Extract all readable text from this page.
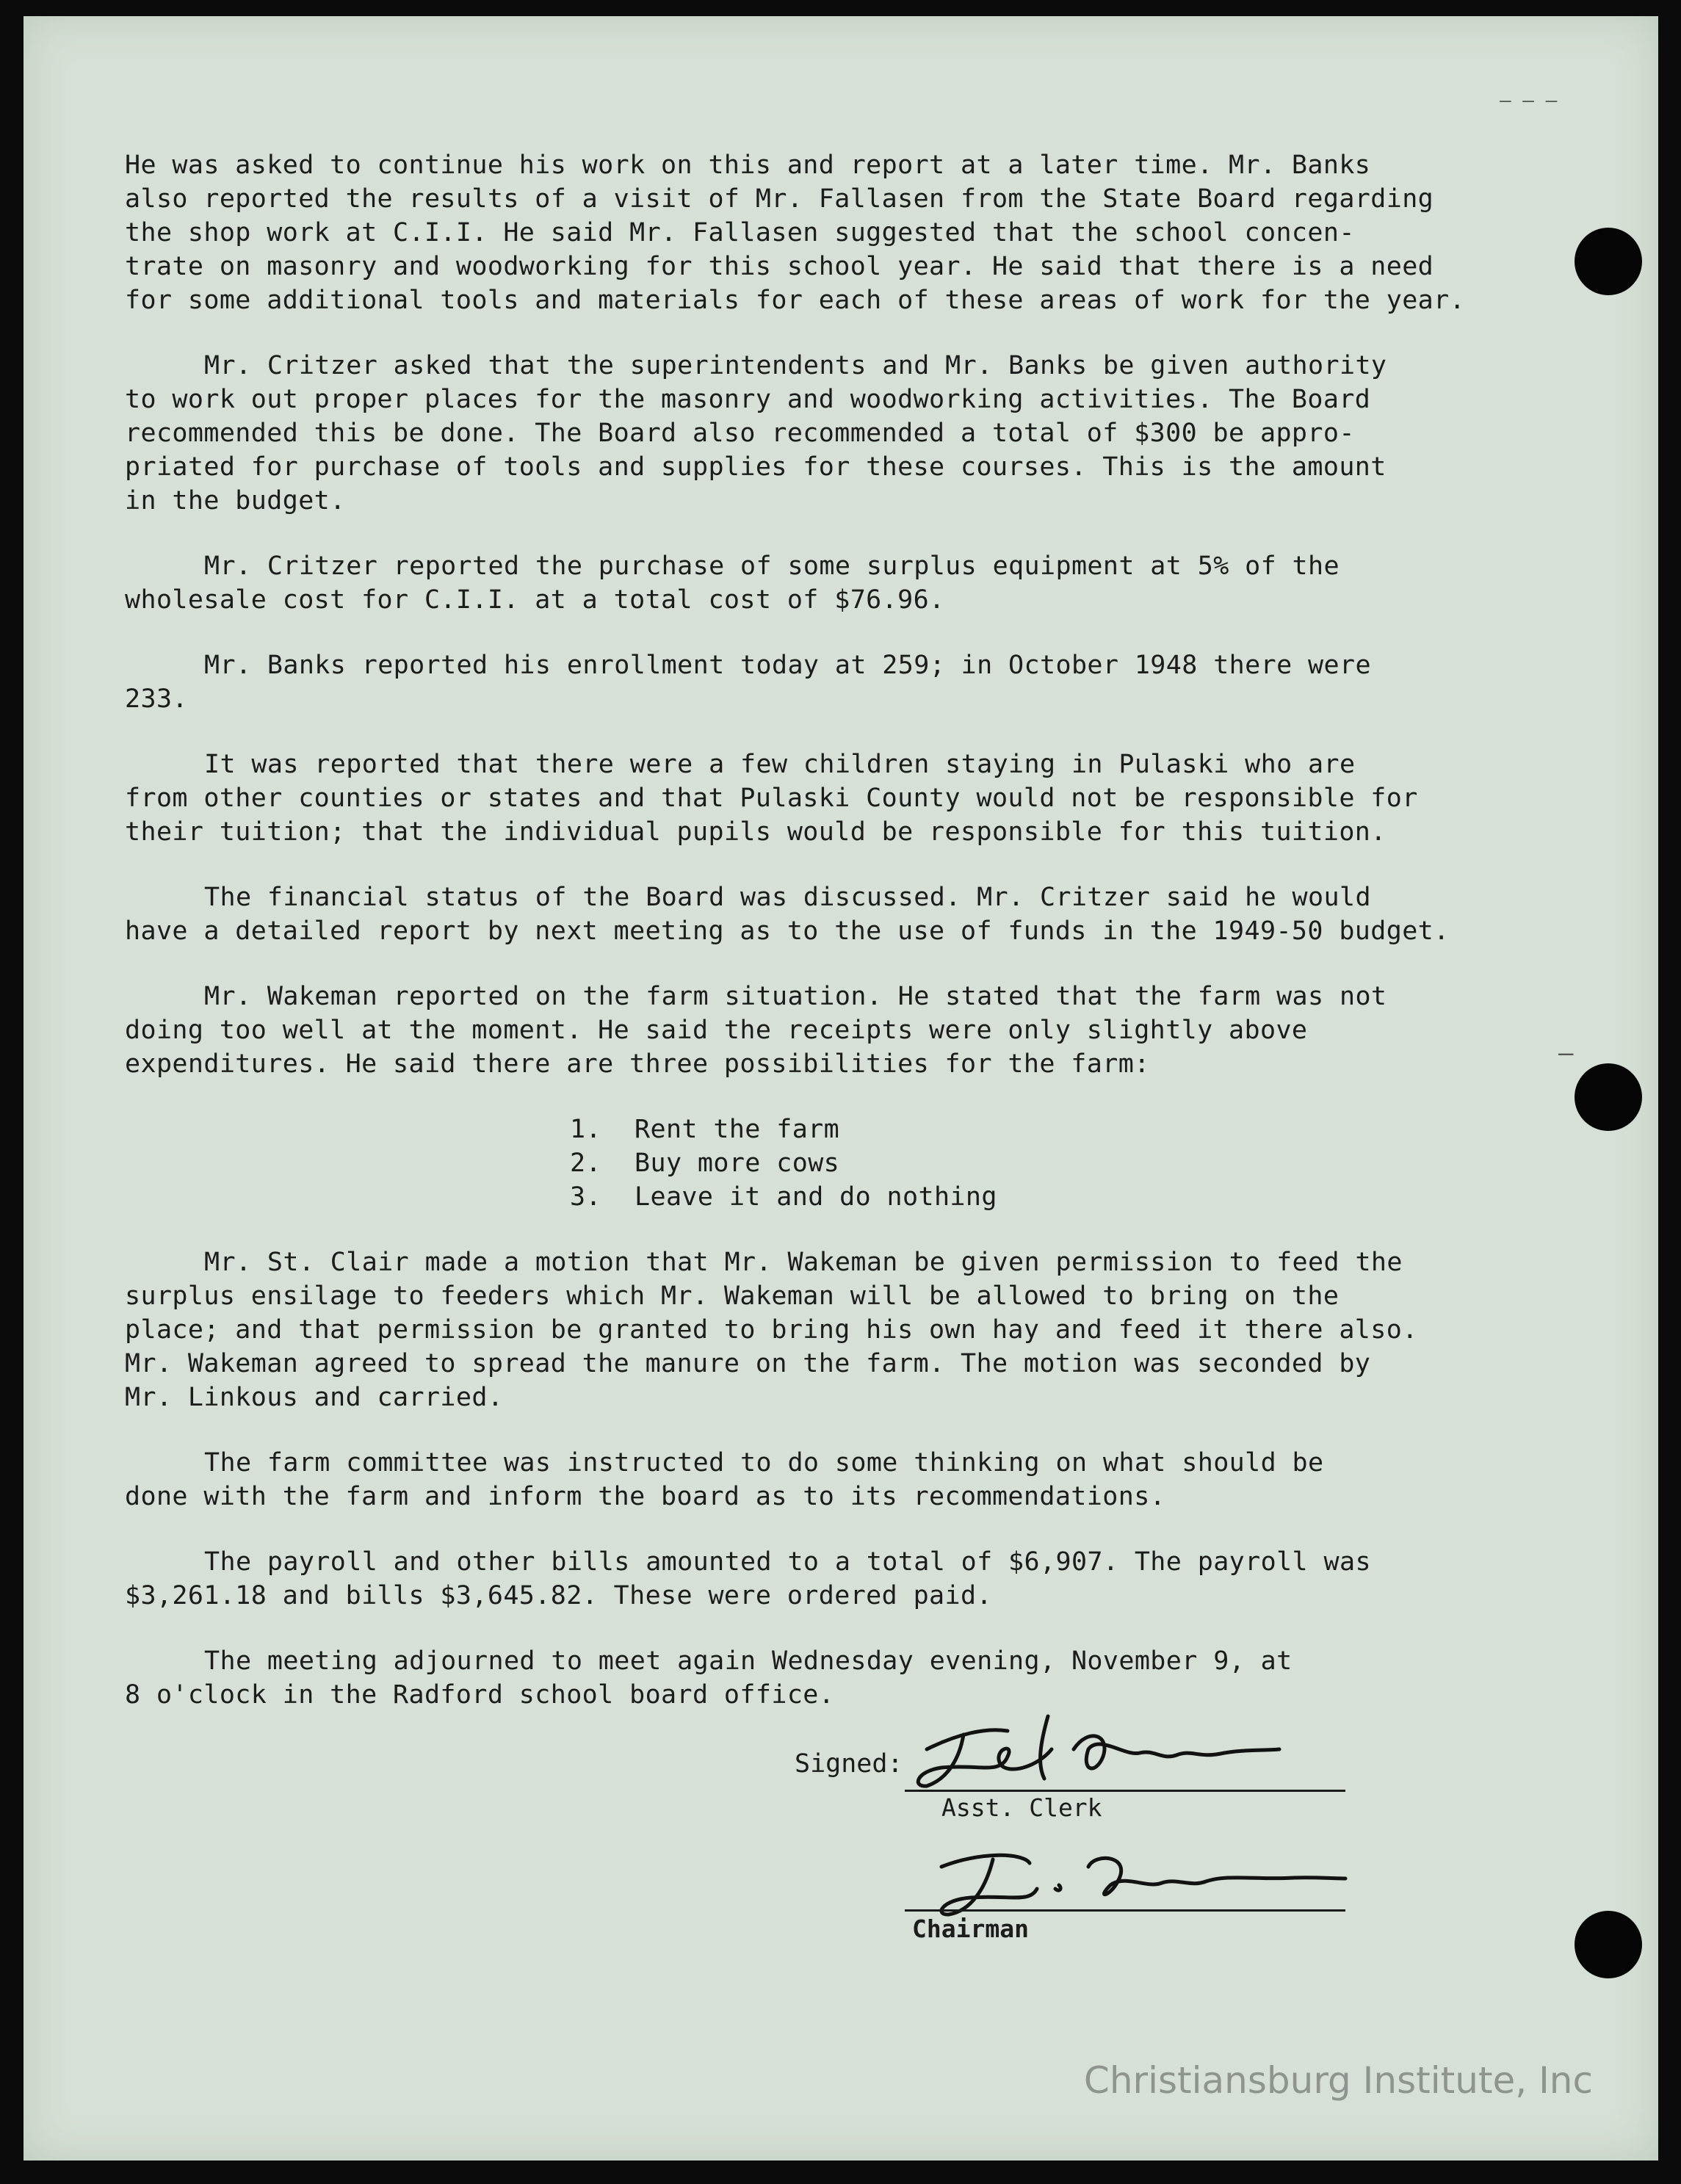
‒ ‒ ‒
—

He was asked to continue his work on this and report at a later time. Mr. Banks
also reported the results of a visit of Mr. Fallasen from the State Board regarding
the shop work at C.I.I. He said Mr. Fallasen suggested that the school concen-
trate on masonry and woodworking for this school year. He said that there is a need
for some additional tools and materials for each of these areas of work for the year.

Mr. Critzer asked that the superintendents and Mr. Banks be given authority
to work out proper places for the masonry and woodworking activities. The Board
recommended this be done. The Board also recommended a total of $300 be appro-
priated for purchase of tools and supplies for these courses. This is the amount
in the budget.

Mr. Critzer reported the purchase of some surplus equipment at 5% of the
wholesale cost for C.I.I. at a total cost of $76.96.

Mr. Banks reported his enrollment today at 259; in October 1948 there were
233.

It was reported that there were a few children staying in Pulaski who are
from other counties or states and that Pulaski County would not be responsible for
their tuition; that the individual pupils would be responsible for this tuition.

The financial status of the Board was discussed. Mr. Critzer said he would
have a detailed report by next meeting as to the use of funds in the 1949-50 budget.

Mr. Wakeman reported on the farm situation. He stated that the farm was not
doing too well at the moment. He said the receipts were only slightly above
expenditures. He said there are three possibilities for the farm:

1. Rent the farm
2. Buy more cows
3. Leave it and do nothing

Mr. St. Clair made a motion that Mr. Wakeman be given permission to feed the
surplus ensilage to feeders which Mr. Wakeman will be allowed to bring on the
place; and that permission be granted to bring his own hay and feed it there also.
Mr. Wakeman agreed to spread the manure on the farm. The motion was seconded by
Mr. Linkous and carried.

The farm committee was instructed to do some thinking on what should be
done with the farm and inform the board as to its recommendations.

The payroll and other bills amounted to a total of $6,907. The payroll was
$3,261.18 and bills $3,645.82. These were ordered paid.

The meeting adjourned to meet again Wednesday evening, November 9, at
8 o'clock in the Radford school board office.

Signed:
Asst. Clerk
Chairman
Christiansburg Institute, Inc
